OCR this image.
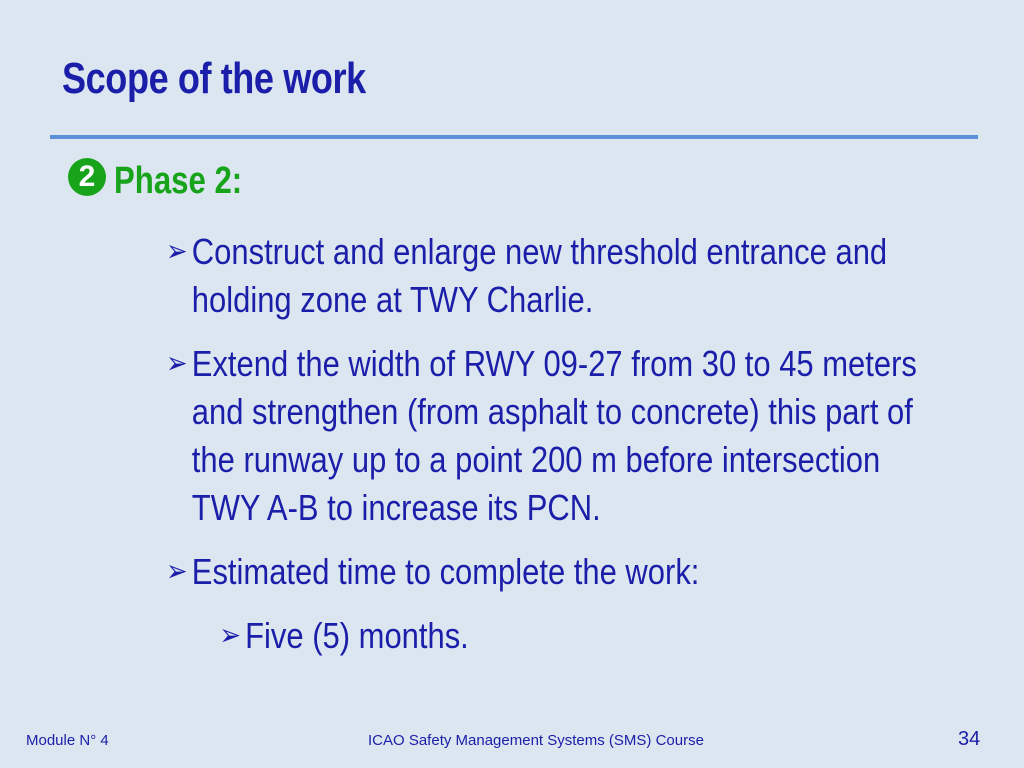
Scope of the work
2 Phase 2:
➢ Construct and enlarge new threshold entrance and holding zone at TWY Charlie.
➢ Extend the width of RWY 09-27 from 30 to 45 meters and strengthen (from asphalt to concrete) this part of the runway up to a point 200 m before intersection TWY A-B to increase its PCN.
➢ Estimated time to complete the work:
➢ Five (5) months.
Module N° 4	ICAO Safety Management Systems (SMS) Course	34
